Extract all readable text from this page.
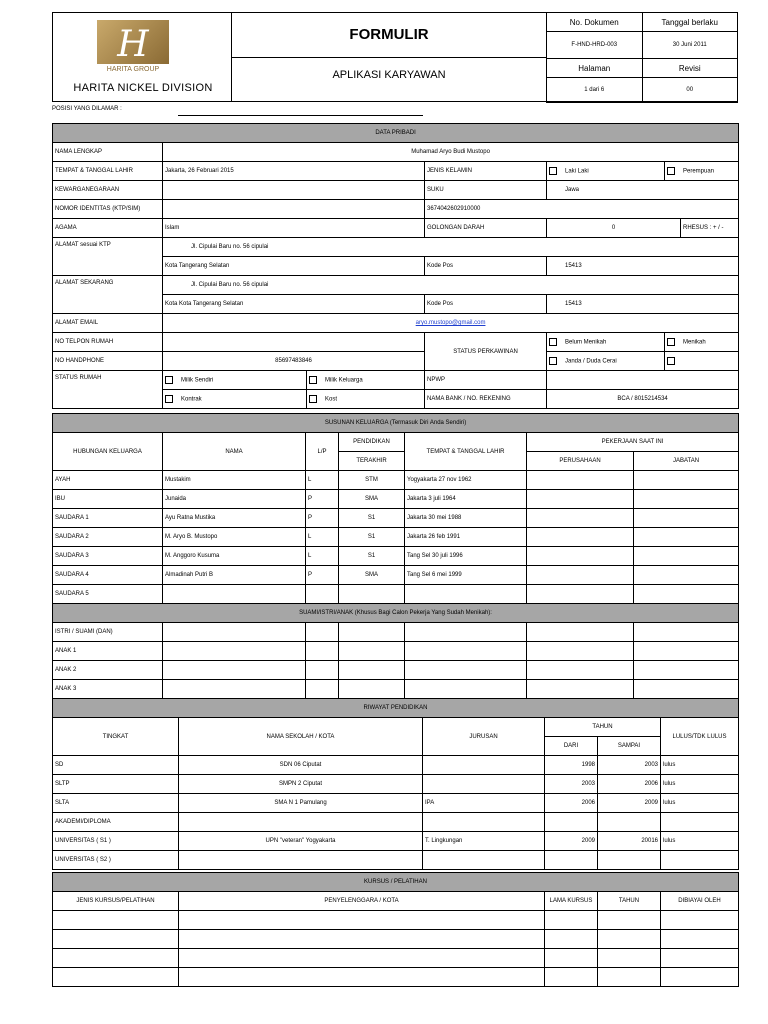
H
HARITA GROUP
HARITA NICKEL DIVISION
FORMULIR
APLIKASI KARYAWAN
No. Dokumen	Tanggal berlaku
F-HND-HRD-003	30 Juni 2011
Halaman	Revisi
1 dari 6	00
POSISI YANG DILAMAR :
DATA PRIBADI						
NAMA LENGKAP	Muhamad Aryo Budi Mustopo					
TEMPAT & TANGGAL LAHIR	Jakarta, 26 Februari 2015		JENIS KELAMIN	Laki Laki	Perempuan	
KEWARGANEGARAAN			SUKU	Jawa		
NOMOR IDENTITAS (KTP/SIM)			3674042602910000			
AGAMA	Islam		GOLONGAN DARAH	0		RHESUS : + / -
ALAMAT sesuai KTP	Jl. Cipulai Baru no. 56 cipulai					
	Kota Tangerang Selatan		Kode Pos	15413		
ALAMAT SEKARANG	Jl. Cipulai Baru no. 56 cipulai					
	Kota Kota Tangerang Selatan		Kode Pos	15413		
ALAMAT EMAIL	aryo.mustopo@gmail.com					
NO TELPON RUMAH			STATUS PERKAWINAN	Belum Menikah	Menikah	
NO HANDPHONE	85697483846			Janda / Duda Cerai		
STATUS RUMAH	Milik Sendiri	Milik Keluarga	NPWP			
	Kontrak	Kost	NAMA BANK / NO. REKENING	BCA / 8015214534		
SUSUNAN KELUARGA (Termasuk Diri Anda Sendiri)						
HUBUNGAN KELUARGA	NAMA	L/P	PENDIDIKAN	TEMPAT & TANGGAL LAHIR	PEKERJAAN SAAT INI	
			TERAKHIR		PERUSAHAAN	JABATAN
AYAH	Mustakim	L	STM	Yogyakarta 27 nov 1962		
IBU	Junaida	P	SMA	Jakarta 3 juli 1964		
SAUDARA 1	Ayu Ratna Mustika	P	S1	Jakarta 30 mei 1988		
SAUDARA 2	M. Aryo B. Mustopo	L	S1	Jakarta 26 feb 1991		
SAUDARA 3	M. Anggoro Kusuma	L	S1	Tang Sel 30 juli 1996		
SAUDARA 4	Almadinah Putri B	P	SMA	Tang Sel 6 mei 1999		
SAUDARA 5						
SUAMI/ISTRI/ANAK (Khusus Bagi Calon Pekerja Yang Sudah Menikah):						
ISTRI / SUAMI (DAN)						
ANAK 1						
ANAK 2						
ANAK 3						
RIWAYAT PENDIDIKAN					
TINGKAT	NAMA SEKOLAH / KOTA	JURUSAN	TAHUN		LULUS/TDK LULUS
			DARI	SAMPAI	
SD	SDN 06 Ciputat		1998	2003	lulus
SLTP	SMPN 2 Ciputat		2003	2006	lulus
SLTA	SMA N 1 Pamulang	IPA	2006	2009	lulus
AKADEMI/DIPLOMA					
UNIVERSITAS ( S1 )	UPN "veteran" Yogyakarta	T. Lingkungan	2009	20016	lulus
UNIVERSITAS ( S2 )					
KURSUS / PELATIHAN				
JENIS KURSUS/PELATIHAN	PENYELENGGARA / KOTA	LAMA KURSUS	TAHUN	DIBIAYAI OLEH
